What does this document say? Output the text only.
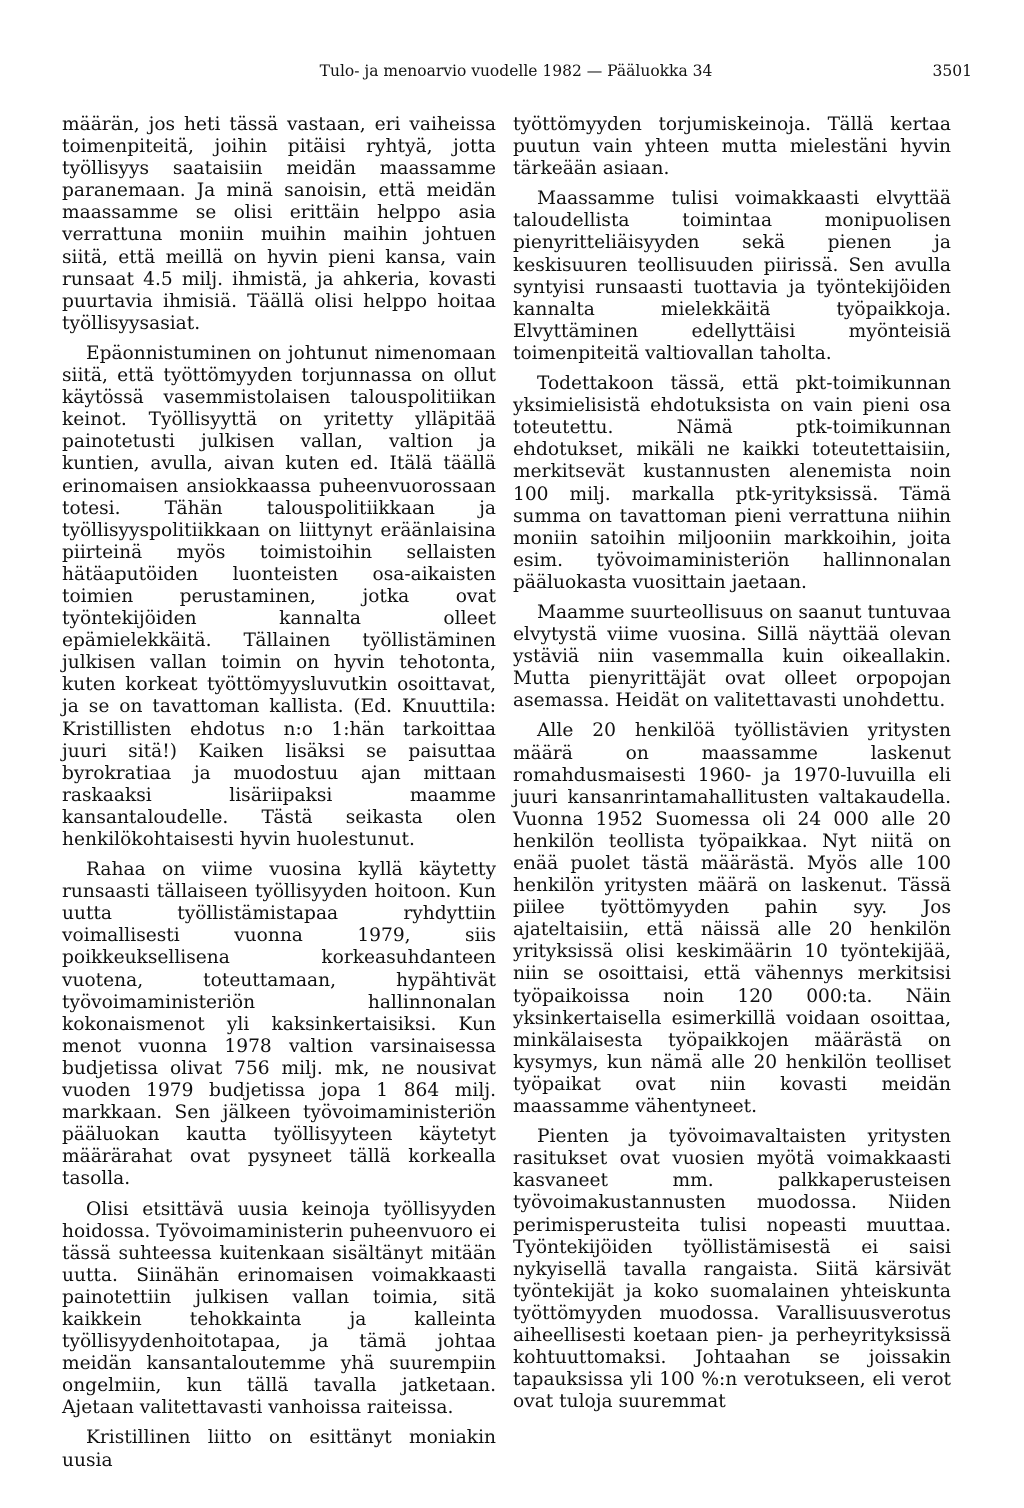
Tulo- ja menoarvio vuodelle 1982 — Pääluokka 34	3501

määrän, jos heti tässä vastaan, eri vaiheissa toimenpiteitä, joihin pitäisi ryhtyä, jotta työllisyys saataisiin meidän maassamme paranemaan. Ja minä sanoisin, että meidän maassamme se olisi erittäin helppo asia verrattuna moniin muihin maihin johtuen siitä, että meillä on hyvin pieni kansa, vain runsaat 4.5 milj. ihmistä, ja ahkeria, kovasti puurtavia ihmisiä. Täällä olisi helppo hoitaa työllisyysasiat.

Epäonnistuminen on johtunut nimenomaan siitä, että työttömyyden torjunnassa on ollut käytössä vasemmistolaisen talouspolitiikan keinot. Työllisyyttä on yritetty ylläpitää painotetusti julkisen vallan, valtion ja kuntien, avulla, aivan kuten ed. Itälä täällä erinomaisen ansiokkaassa puheenvuorossaan totesi. Tähän talouspolitiikkaan ja työllisyyspolitiikkaan on liittynyt eräänlaisina piirteinä myös toimistoihin sellaisten hätäaputöiden luonteisten osa-aikaisten toimien perustaminen, jotka ovat työntekijöiden kannalta olleet epämielekkäitä. Tällainen työllistäminen julkisen vallan toimin on hyvin tehotonta, kuten korkeat työttömyysluvutkin osoittavat, ja se on tavattoman kallista. (Ed. Knuuttila: Kristillisten ehdotus n:o 1:hän tarkoittaa juuri sitä!) Kaiken lisäksi se paisuttaa byrokratiaa ja muodostuu ajan mittaan raskaaksi lisäriipaksi maamme kansantaloudelle. Tästä seikasta olen henkilökohtaisesti hyvin huolestunut.

Rahaa on viime vuosina kyllä käytetty runsaasti tällaiseen työllisyyden hoitoon. Kun uutta työllistämistapaa ryhdyttiin voimallisesti vuonna 1979, siis poikkeuksellisena korkeasuhdanteen vuotena, toteuttamaan, hypähtivät työvoimaministeriön hallinnonalan kokonaismenot yli kaksinkertaisiksi. Kun menot vuonna 1978 valtion varsinaisessa budjetissa olivat 756 milj. mk, ne nousivat vuoden 1979 budjetissa jopa 1 864 milj. markkaan. Sen jälkeen työvoimaministeriön pääluokan kautta työllisyyteen käytetyt määrärahat ovat pysyneet tällä korkealla tasolla.

Olisi etsittävä uusia keinoja työllisyyden hoidossa. Työvoimaministerin puheenvuoro ei tässä suhteessa kuitenkaan sisältänyt mitään uutta. Siinähän erinomaisen voimakkaasti painotettiin julkisen vallan toimia, sitä kaikkein tehokkainta ja kalleinta työllisyydenhoitotapaa, ja tämä johtaa meidän kansantaloutemme yhä suurempiin ongelmiin, kun tällä tavalla jatketaan. Ajetaan valitettavasti vanhoissa raiteissa.

Kristillinen liitto on esittänyt moniakin uusia

työttömyyden torjumiskeinoja. Tällä kertaa puutun vain yhteen mutta mielestäni hyvin tärkeään asiaan.

Maassamme tulisi voimakkaasti elvyttää taloudellista toimintaa monipuolisen pienyritteliäisyyden sekä pienen ja keskisuuren teollisuuden piirissä. Sen avulla syntyisi runsaasti tuottavia ja työntekijöiden kannalta mielekkäitä työpaikkoja. Elvyttäminen edellyttäisi myönteisiä toimenpiteitä valtiovallan taholta.

Todettakoon tässä, että pkt-toimikunnan yksimielisistä ehdotuksista on vain pieni osa toteutettu. Nämä ptk-toimikunnan ehdotukset, mikäli ne kaikki toteutettaisiin, merkitsevät kustannusten alenemista noin 100 milj. markalla ptk-yrityksissä. Tämä summa on tavattoman pieni verrattuna niihin moniin satoihin miljooniin markkoihin, joita esim. työvoimaministeriön hallinnonalan pääluokasta vuosittain jaetaan.

Maamme suurteollisuus on saanut tuntuvaa elvytystä viime vuosina. Sillä näyttää olevan ystäviä niin vasemmalla kuin oikeallakin. Mutta pienyrittäjät ovat olleet orpopojan asemassa. Heidät on valitettavasti unohdettu.

Alle 20 henkilöä työllistävien yritysten määrä on maassamme laskenut romahdusmaisesti 1960- ja 1970-luvuilla eli juuri kansanrintamahallitusten valtakaudella. Vuonna 1952 Suomessa oli 24 000 alle 20 henkilön teollista työpaikkaa. Nyt niitä on enää puolet tästä määrästä. Myös alle 100 henkilön yritysten määrä on laskenut. Tässä piilee työttömyyden pahin syy. Jos ajateltaisiin, että näissä alle 20 henkilön yrityksissä olisi keskimäärin 10 työntekijää, niin se osoittaisi, että vähennys merkitsisi työpaikoissa noin 120 000:ta. Näin yksinkertaisella esimerkillä voidaan osoittaa, minkälaisesta työpaikkojen määrästä on kysymys, kun nämä alle 20 henkilön teolliset työpaikat ovat niin kovasti meidän maassamme vähentyneet.

Pienten ja työvoimavaltaisten yritysten rasitukset ovat vuosien myötä voimakkaasti kasvaneet mm. palkkaperusteisen työvoimakustannusten muodossa. Niiden perimisperusteita tulisi nopeasti muuttaa. Työntekijöiden työllistämisestä ei saisi nykyisellä tavalla rangaista. Siitä kärsivät työntekijät ja koko suomalainen yhteiskunta työttömyyden muodossa. Varallisuusverotus aiheellisesti koetaan pien- ja perheyrityksissä kohtuuttomaksi. Johtaahan se joissakin tapauksissa yli 100 %:n verotukseen, eli verot ovat tuloja suuremmat
